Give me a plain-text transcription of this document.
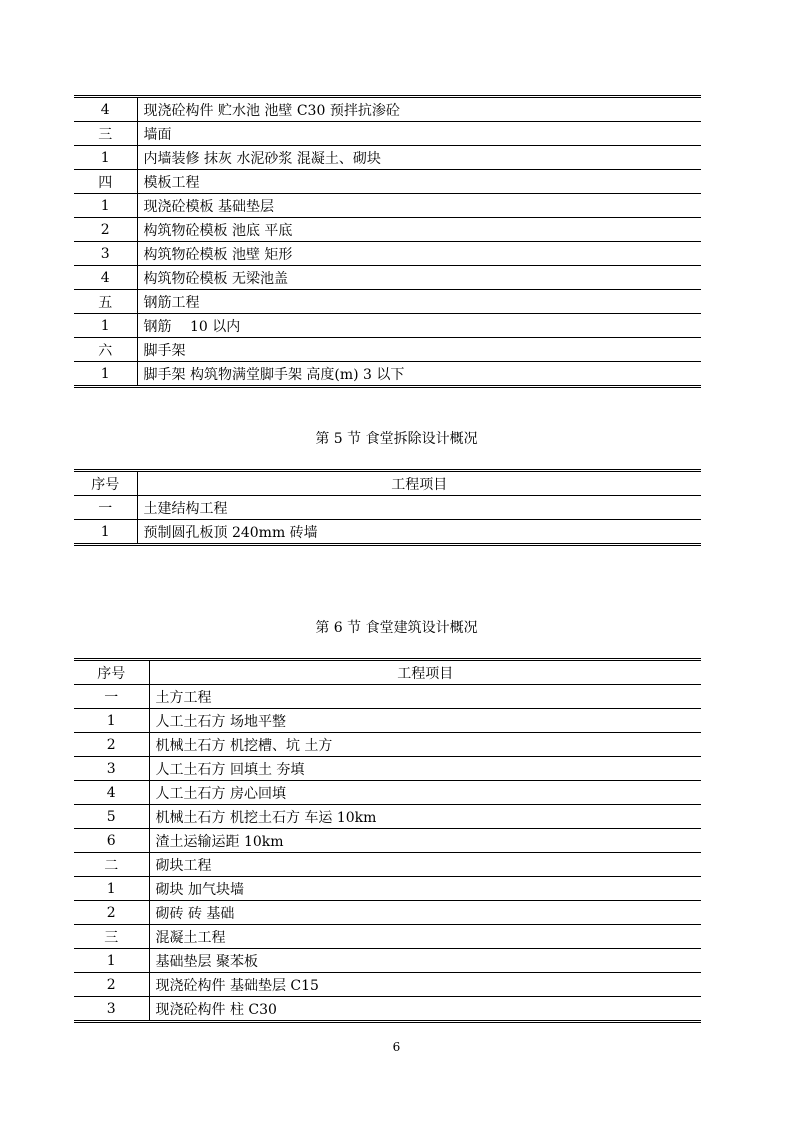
4	现浇砼构件 贮水池 池壁 C30 预拌抗渗砼
三	墙面
1	内墙装修 抹灰 水泥砂浆 混凝土、砌块
四	模板工程
1	现浇砼模板 基础垫层
2	构筑物砼模板 池底 平底
3	构筑物砼模板 池壁 矩形
4	构筑物砼模板 无梁池盖
五	钢筋工程
1	钢筋　 10 以内
六	脚手架
1	脚手架 构筑物满堂脚手架 高度(m) 3 以下
第 5 节 食堂拆除设计概况
序号	工程项目
一	土建结构工程
1	预制圆孔板顶 240mm 砖墙
第 6 节 食堂建筑设计概况
序号	工程项目
一	土方工程
1	人工土石方 场地平整
2	机械土石方 机挖槽、坑 土方
3	人工土石方 回填土 夯填
4	人工土石方 房心回填
5	机械土石方 机挖土石方 车运 10km
6	渣土运输运距 10km
二	砌块工程
1	砌块 加气块墙
2	砌砖 砖 基础
三	混凝土工程
1	基础垫层 聚苯板
2	现浇砼构件 基础垫层 C15
3	现浇砼构件 柱 C30
6
